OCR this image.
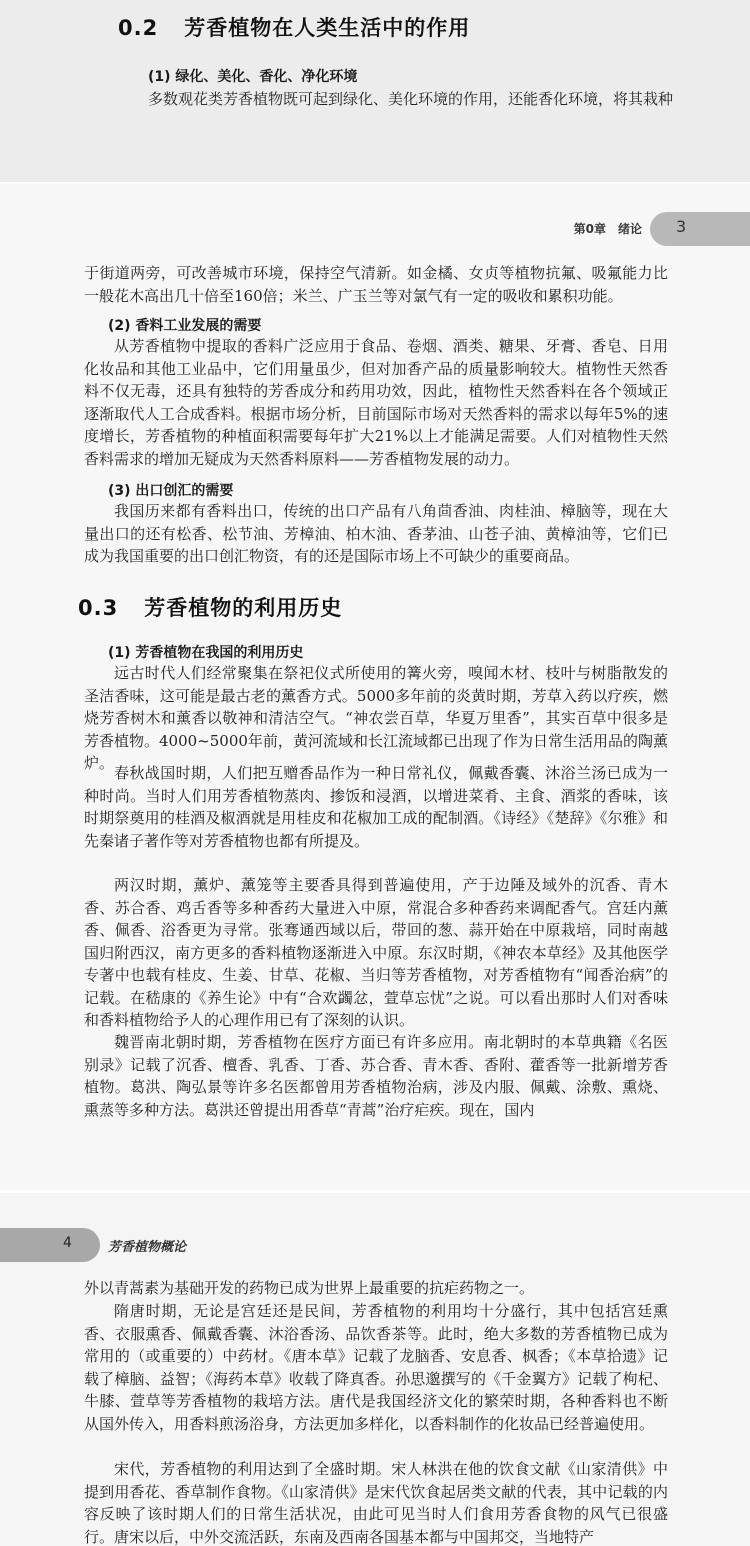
0.2 芳香植物在人类生活中的作用
(1) 绿化、美化、香化、净化环境

多数观花类芳香植物既可起到绿化、美化环境的作用，还能香化环境，将其栽种

第0章　绪论 3

于街道两旁，可改善城市环境，保持空气清新。如金橘、女贞等植物抗氟、吸氟能力比一般花木高出几十倍至160倍；米兰、广玉兰等对氯气有一定的吸收和累积功能。

(2) 香料工业发展的需要

从芳香植物中提取的香料广泛应用于食品、卷烟、酒类、糖果、牙膏、香皂、日用化妆品和其他工业品中，它们用量虽少，但对加香产品的质量影响较大。植物性天然香料不仅无毒，还具有独特的芳香成分和药用功效，因此，植物性天然香料在各个领域正逐渐取代人工合成香料。根据市场分析，目前国际市场对天然香料的需求以每年5%的速度增长，芳香植物的种植面积需要每年扩大21%以上才能满足需要。人们对植物性天然香料需求的增加无疑成为天然香料原料——芳香植物发展的动力。

(3) 出口创汇的需要

我国历来都有香料出口，传统的出口产品有八角茴香油、肉桂油、樟脑等，现在大量出口的还有松香、松节油、芳樟油、柏木油、香茅油、山苍子油、黄樟油等，它们已成为我国重要的出口创汇物资，有的还是国际市场上不可缺少的重要商品。

0.3 芳香植物的利用历史
(1) 芳香植物在我国的利用历史

远古时代人们经常聚集在祭祀仪式所使用的篝火旁，嗅闻木材、枝叶与树脂散发的圣洁香味，这可能是最古老的薰香方式。5000多年前的炎黄时期，芳草入药以疗疾，燃烧芳香树木和薰香以敬神和清洁空气。“神农尝百草，华夏万里香”，其实百草中很多是芳香植物。4000~5000年前，黄河流域和长江流域都已出现了作为日常生活用品的陶薰炉。

春秋战国时期，人们把互赠香品作为一种日常礼仪，佩戴香囊、沐浴兰汤已成为一种时尚。当时人们用芳香植物蒸肉、掺饭和浸酒，以增进菜肴、主食、酒浆的香味，该时期祭奠用的桂酒及椒酒就是用桂皮和花椒加工成的配制酒。《诗经》《楚辞》《尔雅》和先秦诸子著作等对芳香植物也都有所提及。

两汉时期，薰炉、薰笼等主要香具得到普遍使用，产于边陲及域外的沉香、青木香、苏合香、鸡舌香等多种香药大量进入中原，常混合多种香药来调配香气。宫廷内薰香、佩香、浴香更为寻常。张骞通西域以后，带回的葱、蒜开始在中原栽培，同时南越国归附西汉，南方更多的香料植物逐渐进入中原。东汉时期，《神农本草经》及其他医学专著中也载有桂皮、生姜、甘草、花椒、当归等芳香植物，对芳香植物有“闻香治病”的记载。在嵇康的《养生论》中有“合欢蠲忿，萱草忘忧”之说。可以看出那时人们对香味和香料植物给予人的心理作用已有了深刻的认识。

魏晋南北朝时期，芳香植物在医疗方面已有许多应用。南北朝时的本草典籍《名医别录》记载了沉香、檀香、乳香、丁香、苏合香、青木香、香附、藿香等一批新增芳香植物。葛洪、陶弘景等许多名医都曾用芳香植物治病，涉及内服、佩戴、涂敷、熏烧、熏蒸等多种方法。葛洪还曾提出用香草“青蒿”治疗疟疾。现在，国内

4	芳香植物概论

外以青蒿素为基础开发的药物已成为世界上最重要的抗疟药物之一。

隋唐时期，无论是宫廷还是民间，芳香植物的利用均十分盛行，其中包括宫廷熏香、衣服熏香、佩戴香囊、沐浴香汤、品饮香茶等。此时，绝大多数的芳香植物已成为常用的（或重要的）中药材。《唐本草》记载了龙脑香、安息香、枫香；《本草拾遗》记载了樟脑、益智；《海药本草》收载了降真香。孙思邈撰写的《千金翼方》记载了枸杞、牛膝、萱草等芳香植物的栽培方法。唐代是我国经济文化的繁荣时期，各种香料也不断从国外传入，用香料煎汤浴身，方法更加多样化，以香料制作的化妆品已经普遍使用。

宋代，芳香植物的利用达到了全盛时期。宋人林洪在他的饮食文献《山家清供》中提到用香花、香草制作食物。《山家清供》是宋代饮食起居类文献的代表，其中记载的内容反映了该时期人们的日常生活状况，由此可见当时人们食用芳香食物的风气已很盛行。唐宋以后，中外交流活跃，东南及西南各国基本都与中国邦交，当地特产
